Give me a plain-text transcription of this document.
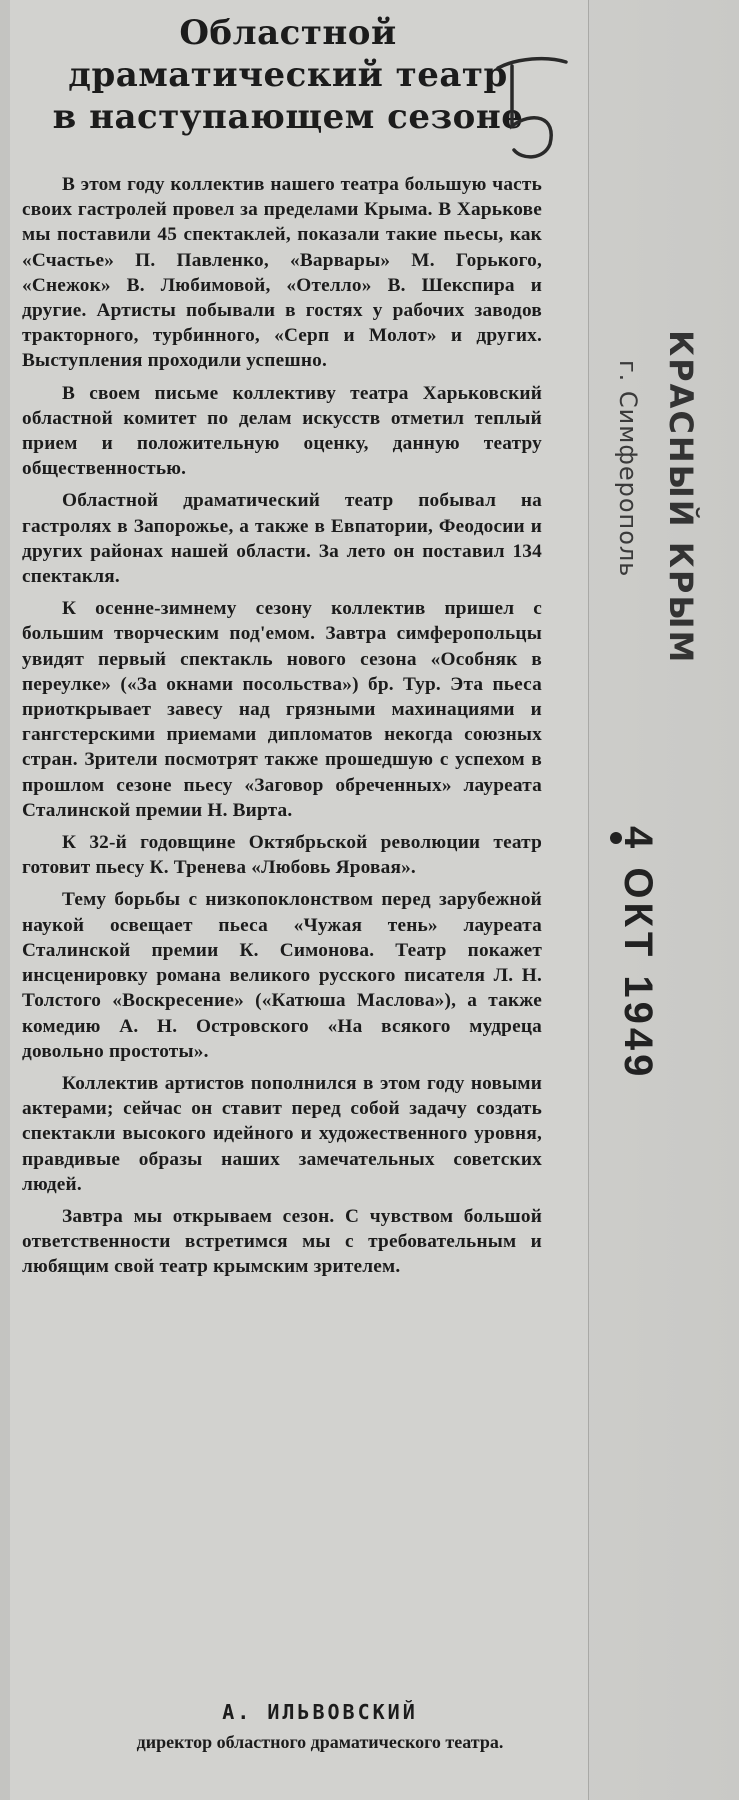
Областной
драматический театр
в наступающем сезоне

В этом году коллектив нашего театра большую часть своих гастролей провел за пределами Крыма. В Харькове мы поставили 45 спектаклей, показали такие пьесы, как «Счастье» П. Павленко, «Варвары» М. Горького, «Снежок» В. Любимовой, «Отелло» В. Шекспира и другие. Артисты побывали в гостях у рабочих заводов тракторного, турбинного, «Серп и Молот» и других. Выступления проходили успешно.

В своем письме коллективу театра Харьковский областной комитет по делам искусств отметил теплый прием и положительную оценку, данную театру общественностью.

Областной драматический театр побывал на гастролях в Запорожье, а также в Евпатории, Феодосии и других районах нашей области. За лето он поставил 134 спектакля.

К осенне-зимнему сезону коллектив пришел с большим творческим под'емом. Завтра симферопольцы увидят первый спектакль нового сезона «Особняк в переулке» («За окнами посольства») бр. Тур. Эта пьеса приоткрывает завесу над грязными махинациями и гангстерскими приемами дипломатов некогда союзных стран. Зрители посмотрят также прошедшую с успехом в прошлом сезоне пьесу «Заговор обреченных» лауреата Сталинской премии Н. Вирта.

К 32-й годовщине Октябрьской революции театр готовит пьесу К. Тренева «Любовь Яровая».

Тему борьбы с низкопоклонством перед зарубежной наукой освещает пьеса «Чужая тень» лауреата Сталинской премии К. Симонова. Театр покажет инсценировку романа великого русского писателя Л. Н. Толстого «Воскресение» («Катюша Маслова»), а также комедию А. Н. Островского «На всякого мудреца довольно простоты».

Коллектив артистов пополнился в этом году новыми актерами; сейчас он ставит перед собой задачу создать спектакли высокого идейного и художественного уровня, правдивые образы наших замечательных советских людей.

Завтра мы открываем сезон. С чувством большой ответственности встретимся мы с требовательным и любящим свой театр крымским зрителем.

А. ИЛЬВОВСКИЙ
директор областного драматического театра.
КРАСНЫЙ КРЫМ
г. Симферополь
4 ОКТ 1949
